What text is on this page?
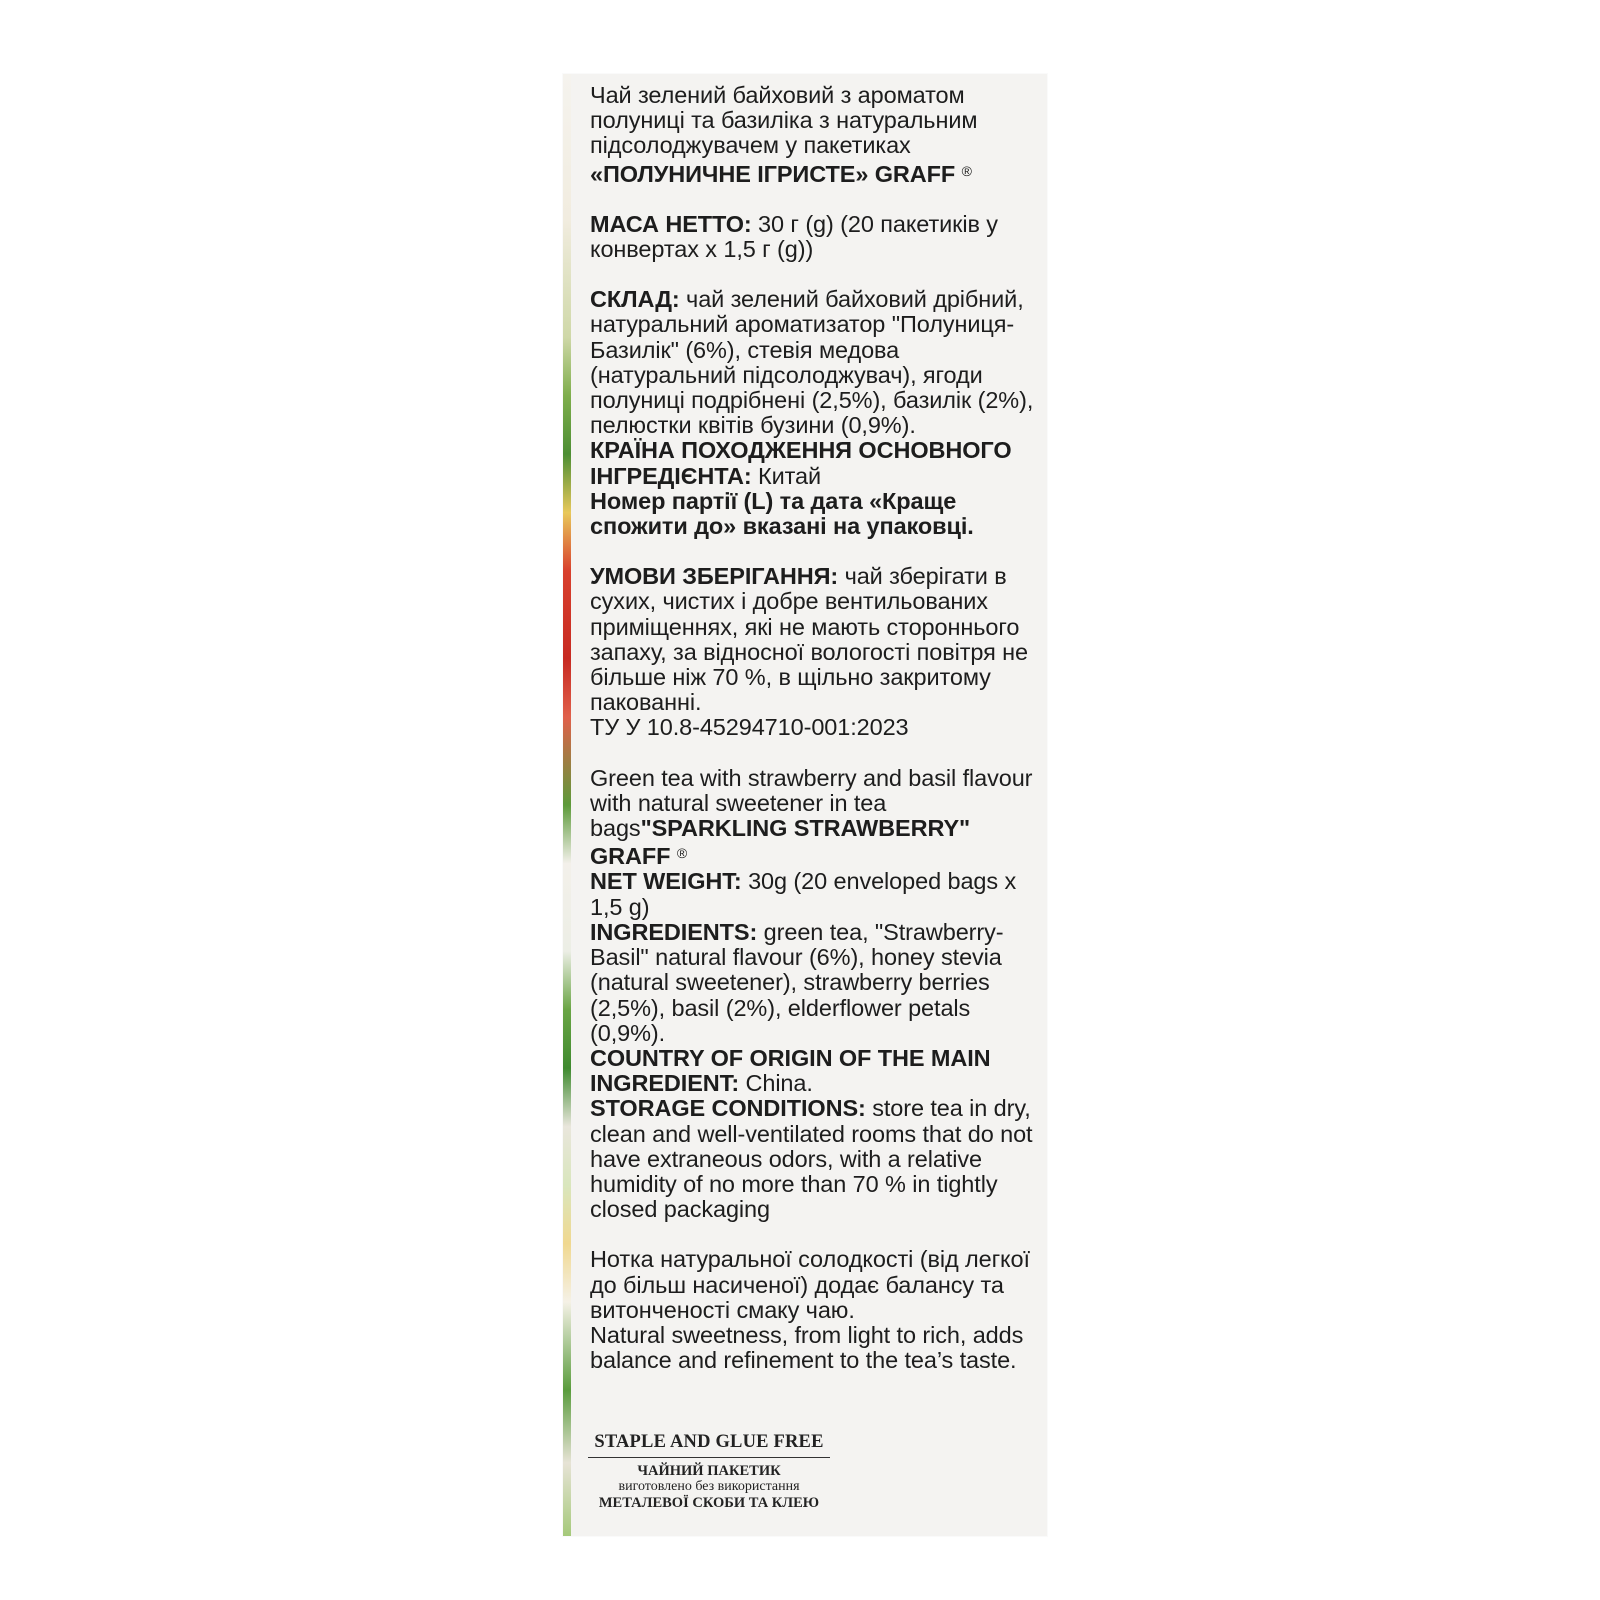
Чай зелений байховий з ароматом
полуниці та базиліка з натуральним
підсолоджувачем у пакетиках
«ПОЛУНИЧНЕ ІГРИСТЕ» GRAFF ®

МАСА НЕТТО: 30 г (g) (20 пакетиків у конвертах x 1,5 г (g))

СКЛАД: чай зелений байховий дрібний, натуральний ароматизатор "Полуниця-Базилік" (6%), стевія медова (натуральний підсолоджувач), ягоди полуниці подрібнені (2,5%), базилік (2%), пелюстки квітів бузини (0,9%).

КРАЇНА ПОХОДЖЕННЯ ОСНОВНОГО ІНГРЕДІЄНТА: Китай

Номер партії (L) та дата «Краще спожити до» вказані на упаковці.

УМОВИ ЗБЕРІГАННЯ: чай зберігати в сухих, чистих і добре вентильованих приміщеннях, які не мають стороннього запаху, за відносної вологості повітря не більше ніж 70 %, в щільно закритому пакованні.

ТУ У 10.8-45294710-001:2023

Green tea with strawberry and basil flavour with natural sweetener in tea bags"SPARKLING STRAWBERRY" GRAFF ®

NET WEIGHT: 30g (20 enveloped bags x 1,5 g)

INGREDIENTS: green tea, "Strawberry-Basil" natural flavour (6%), honey stevia (natural sweetener), strawberry berries (2,5%), basil (2%), elderflower petals (0,9%).

COUNTRY OF ORIGIN OF THE MAIN INGREDIENT: China.

STORAGE CONDITIONS: store tea in dry, clean and well-ventilated rooms that do not have extraneous odors, with a relative humidity of no more than 70 % in tightly closed packaging

Нотка натуральної солодкості (від легкої до більш насиченої) додає балансу та витонченості смаку чаю.

Natural sweetness, from light to rich, adds balance and refinement to the tea’s taste.

STAPLE AND GLUE FREE
ЧАЙНИЙ ПАКЕТИК
виготовлено без використання
МЕТАЛЕВОЇ СКОБИ ТА КЛЕЮ
